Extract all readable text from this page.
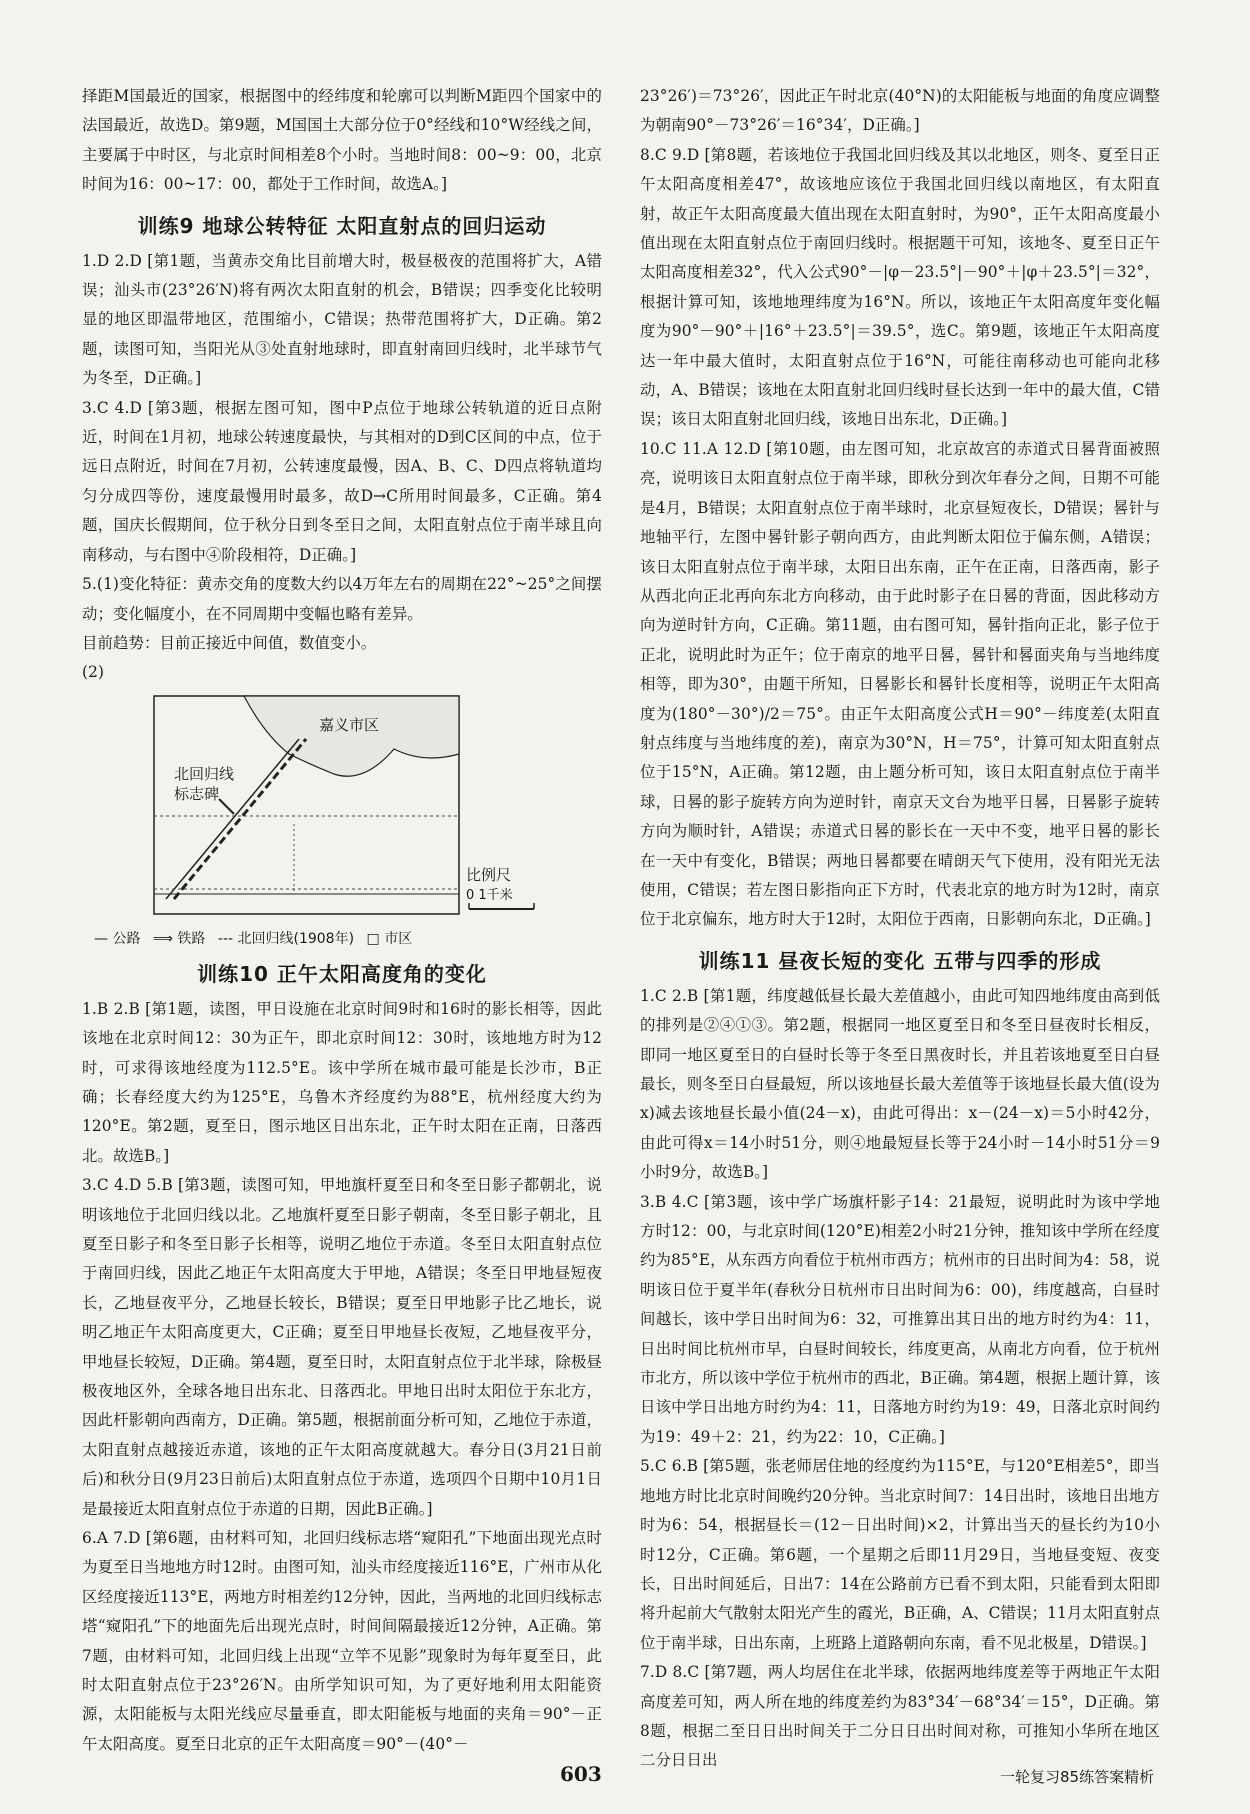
择距M国最近的国家，根据图中的经纬度和轮廓可以判断M距四个国家中的法国最近，故选D。第9题，M国国土大部分位于0°经线和10°W经线之间，主要属于中时区，与北京时间相差8个小时。当地时间8：00~9：00，北京时间为16：00~17：00，都处于工作时间，故选A。]

训练9 地球公转特征 太阳直射点的回归运动

1.D 2.D [第1题，当黄赤交角比目前增大时，极昼极夜的范围将扩大，A错误；汕头市(23°26′N)将有两次太阳直射的机会，B错误；四季变化比较明显的地区即温带地区，范围缩小，C错误；热带范围将扩大，D正确。第2题，读图可知，当阳光从③处直射地球时，即直射南回归线时，北半球节气为冬至，D正确。]

3.C 4.D [第3题，根据左图可知，图中P点位于地球公转轨道的近日点附近，时间在1月初，地球公转速度最快，与其相对的D到C区间的中点，位于远日点附近，时间在7月初，公转速度最慢，因A、B、C、D四点将轨道均匀分成四等份，速度最慢用时最多，故D→C所用时间最多，C正确。第4题，国庆长假期间，位于秋分日到冬至日之间，太阳直射点位于南半球且向南移动，与右图中④阶段相符，D正确。]

5.(1)变化特征：黄赤交角的度数大约以4万年左右的周期在22°~25°之间摆动；变化幅度小，在不同周期中变幅也略有差异。

目前趋势：目前正接近中间值，数值变小。

(2)

嘉义市区
北回归线标志碑
比例尺
0 1千米
— 公路 ⟹ 铁路 --- 北回归线(1908年) □ 市区
训练10 正午太阳高度角的变化

1.B 2.B [第1题，读图，甲日设施在北京时间9时和16时的影长相等，因此该地在北京时间12：30为正午，即北京时间12：30时，该地地方时为12时，可求得该地经度为112.5°E。该中学所在城市最可能是长沙市，B正确；长春经度大约为125°E，乌鲁木齐经度约为88°E，杭州经度大约为120°E。第2题，夏至日，图示地区日出东北，正午时太阳在正南，日落西北。故选B。]

3.C 4.D 5.B [第3题，读图可知，甲地旗杆夏至日和冬至日影子都朝北，说明该地位于北回归线以北。乙地旗杆夏至日影子朝南，冬至日影子朝北，且夏至日影子和冬至日影子长相等，说明乙地位于赤道。冬至日太阳直射点位于南回归线，因此乙地正午太阳高度大于甲地，A错误；冬至日甲地昼短夜长，乙地昼夜平分，乙地昼长较长，B错误；夏至日甲地影子比乙地长，说明乙地正午太阳高度更大，C正确；夏至日甲地昼长夜短，乙地昼夜平分，甲地昼长较短，D正确。第4题，夏至日时，太阳直射点位于北半球，除极昼极夜地区外，全球各地日出东北、日落西北。甲地日出时太阳位于东北方，因此杆影朝向西南方，D正确。第5题，根据前面分析可知，乙地位于赤道，太阳直射点越接近赤道，该地的正午太阳高度就越大。春分日(3月21日前后)和秋分日(9月23日前后)太阳直射点位于赤道，选项四个日期中10月1日是最接近太阳直射点位于赤道的日期，因此B正确。]

6.A 7.D [第6题，由材料可知，北回归线标志塔“窥阳孔”下地面出现光点时为夏至日当地地方时12时。由图可知，汕头市经度接近116°E，广州市从化区经度接近113°E，两地方时相差约12分钟，因此，当两地的北回归线标志塔“窥阳孔”下的地面先后出现光点时，时间间隔最接近12分钟，A正确。第7题，由材料可知，北回归线上出现“立竿不见影”现象时为每年夏至日，此时太阳直射点位于23°26′N。由所学知识可知，为了更好地利用太阳能资源，太阳能板与太阳光线应尽量垂直，即太阳能板与地面的夹角＝90°－正午太阳高度。夏至日北京的正午太阳高度＝90°－(40°－

23°26′)＝73°26′，因此正午时北京(40°N)的太阳能板与地面的角度应调整为朝南90°－73°26′＝16°34′，D正确。]

8.C 9.D [第8题，若该地位于我国北回归线及其以北地区，则冬、夏至日正午太阳高度相差47°，故该地应该位于我国北回归线以南地区，有太阳直射，故正午太阳高度最大值出现在太阳直射时，为90°，正午太阳高度最小值出现在太阳直射点位于南回归线时。根据题干可知，该地冬、夏至日正午太阳高度相差32°，代入公式90°－|φ－23.5°|－90°＋|φ＋23.5°|＝32°，根据计算可知，该地地理纬度为16°N。所以，该地正午太阳高度年变化幅度为90°－90°＋|16°＋23.5°|＝39.5°，选C。第9题，该地正午太阳高度达一年中最大值时，太阳直射点位于16°N，可能往南移动也可能向北移动，A、B错误；该地在太阳直射北回归线时昼长达到一年中的最大值，C错误；该日太阳直射北回归线，该地日出东北，D正确。]

10.C 11.A 12.D [第10题，由左图可知，北京故宫的赤道式日晷背面被照亮，说明该日太阳直射点位于南半球，即秋分到次年春分之间，日期不可能是4月，B错误；太阳直射点位于南半球时，北京昼短夜长，D错误；晷针与地轴平行，左图中晷针影子朝向西方，由此判断太阳位于偏东侧，A错误；该日太阳直射点位于南半球，太阳日出东南，正午在正南，日落西南，影子从西北向正北再向东北方向移动，由于此时影子在日晷的背面，因此移动方向为逆时针方向，C正确。第11题，由右图可知，晷针指向正北，影子位于正北，说明此时为正午；位于南京的地平日晷，晷针和晷面夹角与当地纬度相等，即为30°，由题干所知，日晷影长和晷针长度相等，说明正午太阳高度为(180°－30°)/2＝75°。由正午太阳高度公式H＝90°－纬度差(太阳直射点纬度与当地纬度的差)，南京为30°N，H＝75°，计算可知太阳直射点位于15°N，A正确。第12题，由上题分析可知，该日太阳直射点位于南半球，日晷的影子旋转方向为逆时针，南京天文台为地平日晷，日晷影子旋转方向为顺时针，A错误；赤道式日晷的影长在一天中不变，地平日晷的影长在一天中有变化，B错误；两地日晷都要在晴朗天气下使用，没有阳光无法使用，C错误；若左图日影指向正下方时，代表北京的地方时为12时，南京位于北京偏东，地方时大于12时，太阳位于西南，日影朝向东北，D正确。]

训练11 昼夜长短的变化 五带与四季的形成

1.C 2.B [第1题，纬度越低昼长最大差值越小，由此可知四地纬度由高到低的排列是②④①③。第2题，根据同一地区夏至日和冬至日昼夜时长相反，即同一地区夏至日的白昼时长等于冬至日黑夜时长，并且若该地夏至日白昼最长，则冬至日白昼最短，所以该地昼长最大差值等于该地昼长最大值(设为x)减去该地昼长最小值(24－x)，由此可得出：x－(24－x)＝5小时42分，由此可得x＝14小时51分，则④地最短昼长等于24小时－14小时51分＝9小时9分，故选B。]

3.B 4.C [第3题，该中学广场旗杆影子14：21最短，说明此时为该中学地方时12：00，与北京时间(120°E)相差2小时21分钟，推知该中学所在经度约为85°E，从东西方向看位于杭州市西方；杭州市的日出时间为4：58，说明该日位于夏半年(春秋分日杭州市日出时间为6：00)，纬度越高，白昼时间越长，该中学日出时间为6：32，可推算出其日出的地方时约为4：11，日出时间比杭州市早，白昼时间较长，纬度更高，从南北方向看，位于杭州市北方，所以该中学位于杭州市的西北，B正确。第4题，根据上题计算，该日该中学日出地方时约为4：11，日落地方时约为19：49，日落北京时间约为19：49＋2：21，约为22：10，C正确。]

5.C 6.B [第5题，张老师居住地的经度约为115°E，与120°E相差5°，即当地地方时比北京时间晚约20分钟。当北京时间7：14日出时，该地日出地方时为6：54，根据昼长＝(12－日出时间)×2，计算出当天的昼长约为10小时12分，C正确。第6题，一个星期之后即11月29日，当地昼变短、夜变长，日出时间延后，日出7：14在公路前方已看不到太阳，只能看到太阳即将升起前大气散射太阳光产生的霞光，B正确，A、C错误；11月太阳直射点位于南半球，日出东南，上班路上道路朝向东南，看不见北极星，D错误。]

7.D 8.C [第7题，两人均居住在北半球，依据两地纬度差等于两地正午太阳高度差可知，两人所在地的纬度差约为83°34′－68°34′＝15°，D正确。第8题，根据二至日日出时间关于二分日日出时间对称，可推知小华所在地区二分日日出

603	一轮复习85练答案精析
